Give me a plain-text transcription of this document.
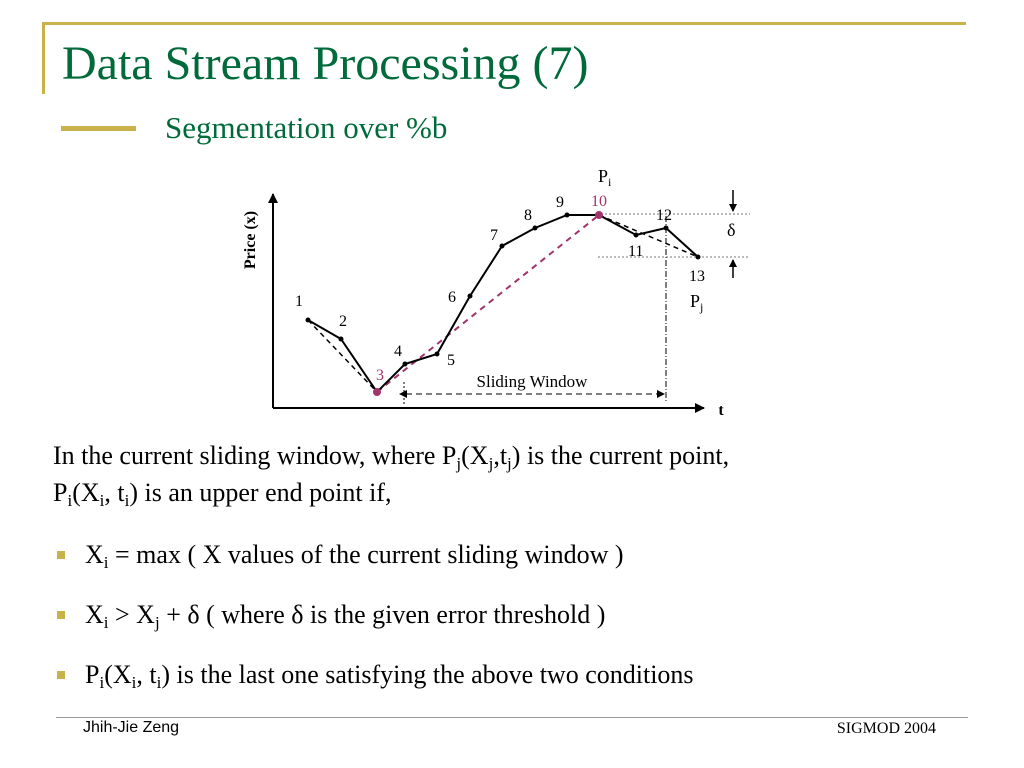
Data Stream Processing (7)
Segmentation over %b
Price (x)
t
δ
Sliding Window
1
2
3
4
5
6
7
8
9 10
11
12
13
$P_i$
$P_j$
In the current sliding window, where $P_j(X_j,t_j)$ is the current point,
$P_i(X_i$, $t_i$) is an upper end point if,
$X_i = \max$ ( X values of the current sliding window )
$X_i > X_j + \delta$ ( where δ is the given error threshold )
$P_i(X_i$, $t_i$) is the last one satisfying the above two conditions
Jhih-Jie Zeng	SIGMOD 2004
